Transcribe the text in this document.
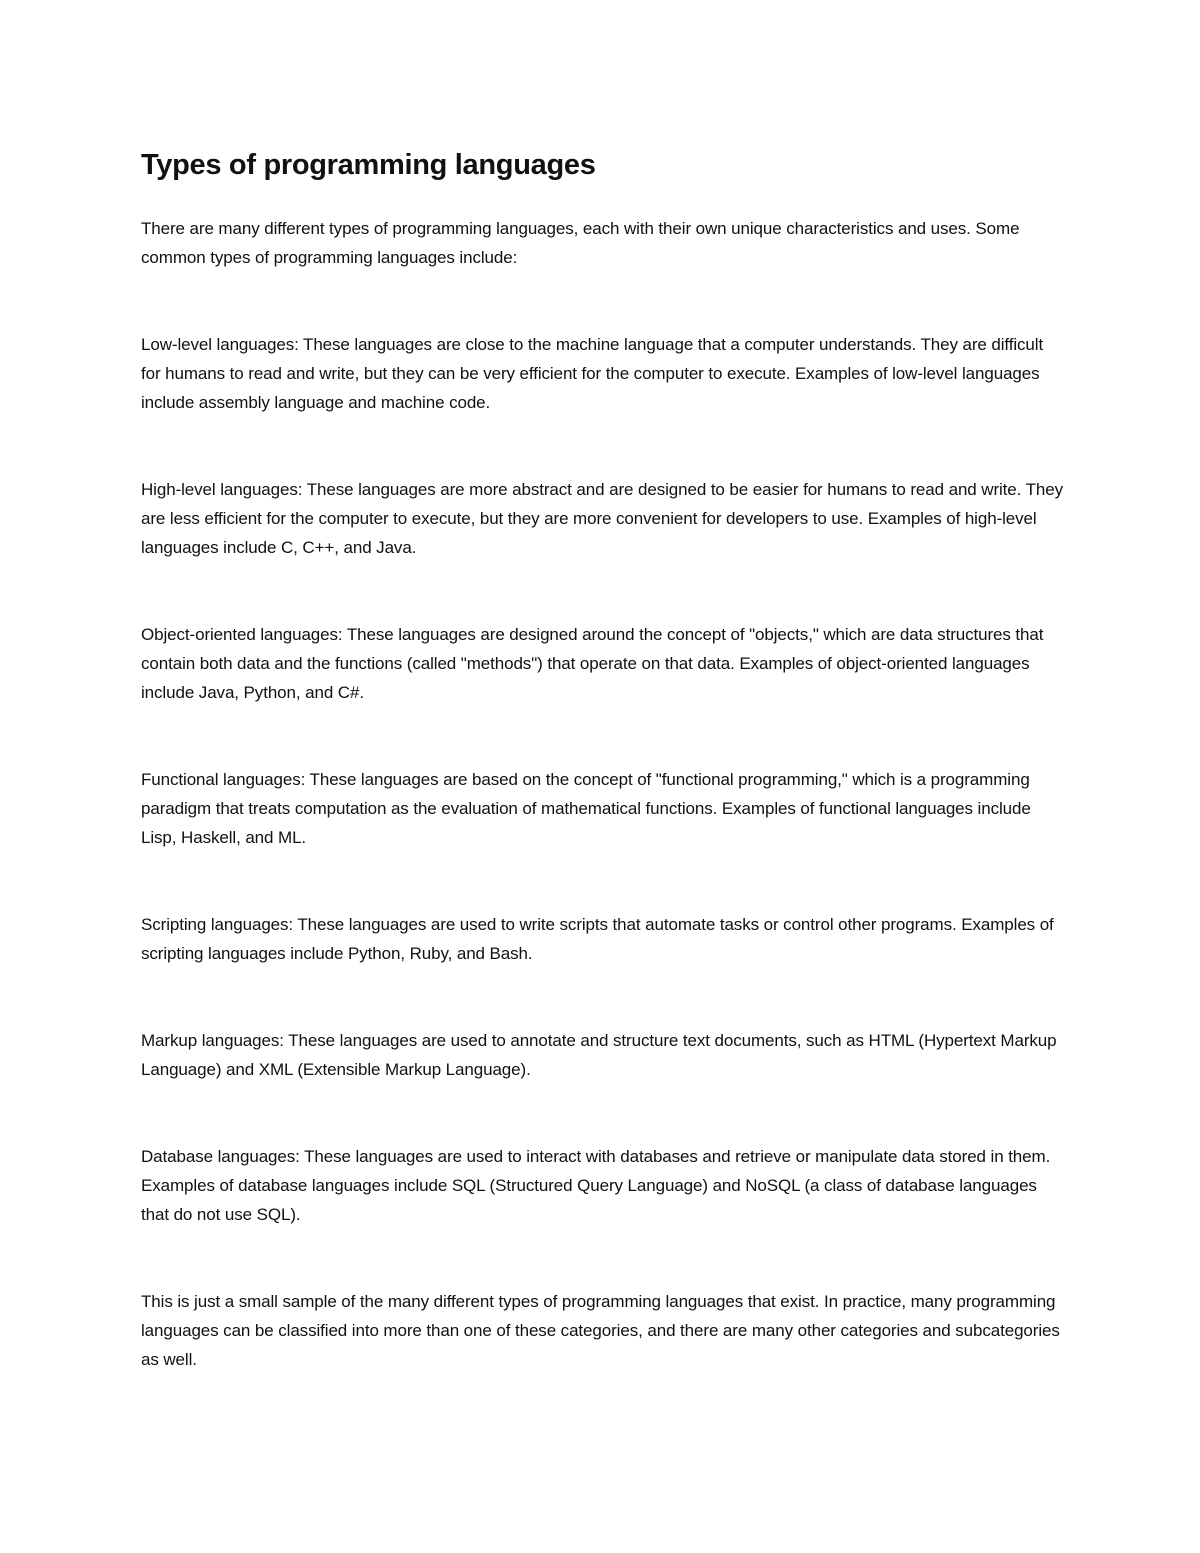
Types of programming languages

There are many different types of programming languages, each with their own unique characteristics and uses. Some common types of programming languages include:

Low-level languages: These languages are close to the machine language that a computer understands. They are difficult for humans to read and write, but they can be very efficient for the computer to execute. Examples of low-level languages include assembly language and machine code.

High-level languages: These languages are more abstract and are designed to be easier for humans to read and write. They are less efficient for the computer to execute, but they are more convenient for developers to use. Examples of high-level languages include C, C++, and Java.

Object-oriented languages: These languages are designed around the concept of "objects," which are data structures that contain both data and the functions (called "methods") that operate on that data. Examples of object-oriented languages include Java, Python, and C#.

Functional languages: These languages are based on the concept of "functional programming," which is a programming paradigm that treats computation as the evaluation of mathematical functions. Examples of functional languages include Lisp, Haskell, and ML.

Scripting languages: These languages are used to write scripts that automate tasks or control other programs. Examples of scripting languages include Python, Ruby, and Bash.

Markup languages: These languages are used to annotate and structure text documents, such as HTML (Hypertext Markup Language) and XML (Extensible Markup Language).

Database languages: These languages are used to interact with databases and retrieve or manipulate data stored in them. Examples of database languages include SQL (Structured Query Language) and NoSQL (a class of database languages that do not use SQL).

This is just a small sample of the many different types of programming languages that exist. In practice, many programming languages can be classified into more than one of these categories, and there are many other categories and subcategories as well.
